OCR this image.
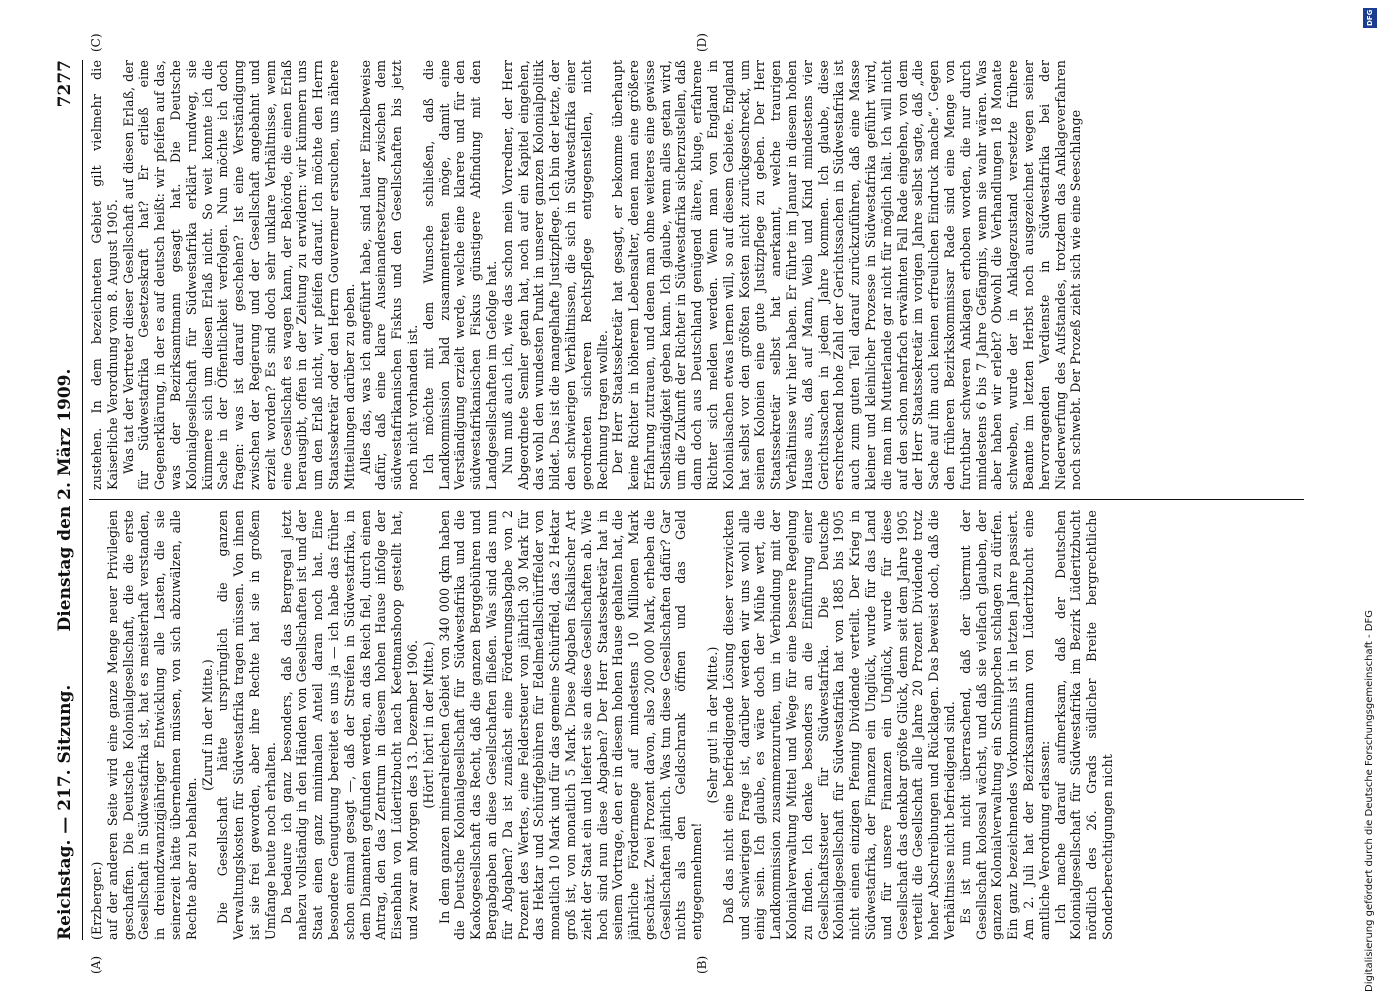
Reichstag. — 217. Sitzung.
Dienstag den 2. März 1909.
7277
(A)	(B)
(C)	(D)

(Erzberger.) auf der anderen Seite wird eine ganze Menge neuer Privilegien geschaffen. Die Deutsche Kolonialgesellschaft, die die erste Gesellschaft in Südwestafrika ist, hat es meisterhaft verstanden, in dreiundzwanzigjähriger Entwicklung alle Lasten, die sie seinerzeit hätte übernehmen müssen, von sich abzuwälzen, alle Rechte aber zu behalten.

(Zuruf in der Mitte.) Die Gesellschaft hätte ursprünglich die ganzen Verwaltungskosten für Südwestafrika tragen müssen. Von ihnen ist sie frei geworden, aber ihre Rechte hat sie in großem Umfange heute noch erhalten. Da bedaure ich ganz besonders, daß das Bergregal jetzt nahezu vollständig in den Händen von Gesellschaften ist und der Staat einen ganz minimalen Anteil daran noch hat. Eine besondere Genugtuung bereitet es uns ja — ich habe das früher schon einmal gesagt —, daß der Streifen in Südwestafrika, in dem Diamanten gefunden werden, an das Reich fiel, durch einen Antrag, den das Zentrum in diesem hohen Hause infolge der Eisenbahn von Lüderitzbucht nach Keetmanshoop gestellt hat, und zwar am Morgen des 13. Dezember 1906. (Hört! hört! in der Mitte.) In dem ganzen mineralreichen Gebiet von 340 000 qkm haben die Deutsche Kolonialgesellschaft für Südwestafrika und die Kaokogesellschaft das Recht, daß die ganzen Berggebühren und Bergabgaben an diese Gesellschaften fließen. Was sind das nun für Abgaben? Da ist zunächst eine Förderungsabgabe von 2 Prozent des Wertes, eine Feldersteuer von jährlich 30 Mark für das Hektar und Schürfgebühren für Edelmetallschürffelder von monatlich 10 Mark und für das gemeine Schürffeld, das 2 Hektar groß ist, von monatlich 5 Mark. Diese Abgaben fiskalischer Art zieht der Staat ein und liefert sie an diese Gesellschaften ab. Wie hoch sind nun diese Abgaben? Der Herr Staatssekretär hat in seinem Vortrage, den er in diesem hohen Hause gehalten hat, die jährliche Fördermenge auf mindestens 10 Millionen Mark geschätzt. Zwei Prozent davon, also 200 000 Mark, erheben die Gesellschaften jährlich. Was tun diese Gesellschaften dafür? Gar nichts als den Geldschrank öffnen und das Geld entgegennehmen!

(Sehr gut! in der Mitte.) Daß das nicht eine befriedigende Lösung dieser verzwickten und schwierigen Frage ist, darüber werden wir uns wohl alle einig sein. Ich glaube, es wäre doch der Mühe wert, die Landkommission zusammenzurufen, um in Verbindung mit der Kolonialverwaltung Mittel und Wege für eine bessere Regelung zu finden. Ich denke besonders an die Einführung einer Gesellschaftssteuer für Südwestafrika. Die Deutsche Kolonialgesellschaft für Südwestafrika hat von 1885 bis 1905 nicht einen einzigen Pfennig Dividende verteilt. Der Krieg in Südwestafrika, der Finanzen ein Unglück, wurde für das Land und für unsere Finanzen ein Unglück, wurde für diese Gesellschaft das denkbar größte Glück, denn seit dem Jahre 1905 verteilt die Gesellschaft alle Jahre 20 Prozent Dividende trotz hoher Abschreibungen und Rücklagen. Das beweist doch, daß die Verhältnisse nicht befriedigend sind. Es ist nun nicht überraschend, daß der übermut der Gesellschaft kolossal wächst, und daß sie vielfach glauben, der ganzen Kolonialverwaltung ein Schnippchen schlagen zu dürfen. Ein ganz bezeichnendes Vorkommnis ist in letzten Jahre passiert. Am 2. Juli hat der Bezirksamtmann von Lüderitzbucht eine amtliche Verordnung erlassen: Ich mache darauf aufmerksam, daß der Deutschen Kolonialgesellschaft für Südwestafrika im Bezirk Lüderitzbucht nördlich des 26. Grads südlicher Breite bergrechtliche Sonderberechtigungen nicht

zustehen. In dem bezeichneten Gebiet gilt vielmehr die Kaiserliche Verordnung vom 8. August 1905. Was tat der Vertreter dieser Gesellschaft auf diesen Erlaß, der für Südwestafrika Gesetzeskraft hat? Er erließ eine Gegenerklärung, in der es auf deutsch heißt: wir pfeifen auf das, was der Bezirksamtmann gesagt hat. Die Deutsche Kolonialgesellschaft für Südwestafrika erklärt rundweg, sie kümmere sich um diesen Erlaß nicht. So weit konnte ich die Sache in der Öffentlichkeit verfolgen. Nun möchte ich doch fragen: was ist darauf geschehen? Ist eine Verständigung zwischen der Regierung und der Gesellschaft angebahnt und erzielt worden? Es sind doch sehr unklare Verhältnisse, wenn eine Gesellschaft es wagen kann, der Behörde, die einen Erlaß herausgibt, offen in der Zeitung zu erwidern: wir kümmern uns um den Erlaß nicht, wir pfeifen darauf. Ich möchte den Herrn Staatssekretär oder den Herrn Gouverneur ersuchen, uns nähere Mitteilungen darüber zu geben. Alles das, was ich angeführt habe, sind lauter Einzelbeweise dafür, daß eine klare Auseinandersetzung zwischen dem südwestafrikanischen Fiskus und den Gesellschaften bis jetzt noch nicht vorhanden ist. Ich möchte mit dem Wunsche schließen, daß die Landkommission bald zusammentreten möge, damit eine Verständigung erzielt werde, welche eine klarere und für den südwestafrikanischen Fiskus günstigere Abfindung mit den Landgesellschaften im Gefolge hat. Nun muß auch ich, wie das schon mein Vorredner, der Herr Abgeordnete Semler getan hat, noch auf ein Kapitel eingehen, das wohl den wundesten Punkt in unserer ganzen Kolonialpolitik bildet. Das ist die mangelhafte Justizpflege. Ich bin der letzte, der den schwierigen Verhältnissen, die sich in Südwestafrika einer geordneten sicheren Rechtspflege entgegenstellen, nicht Rechnung tragen wollte. Der Herr Staatssekretär hat gesagt, er bekomme überhaupt keine Richter in höherem Lebensalter, denen man eine größere Erfahrung zutrauen, und denen man ohne weiteres eine gewisse Selbständigkeit geben kann. Ich glaube, wenn alles getan wird, um die Zukunft der Richter in Südwestafrika sicherzustellen, daß dann doch aus Deutschland genügend ältere, kluge, erfahrene Richter sich melden werden. Wenn man von England in Kolonialsachen etwas lernen will, so auf diesem Gebiete. England hat selbst vor den größten Kosten nicht zurückgeschreckt, um seinen Kolonien eine gute Justizpflege zu geben. Der Herr Staatssekretär selbst hat anerkannt, welche traurigen Verhältnisse wir hier haben. Er führte im Januar in diesem hohen Hause aus, daß auf Mann, Weib und Kind mindestens vier Gerichtssachen in jedem Jahre kommen. Ich glaube, diese erschreckend hohe Zahl der Gerichtssachen in Südwestafrika ist auch zum guten Teil darauf zurückzuführen, daß eine Masse kleiner und kleinlicher Prozesse in Südwestafrika geführt wird, die man im Mutterlande gar nicht für möglich hält. Ich will nicht auf den schon mehrfach erwähnten Fall Rade eingehen, von dem der Herr Staatssekretär im vorigen Jahre selbst sagte, daß „die Sache auf ihn auch keinen erfreulichen Eindruck mache“. Gegen den früheren Bezirkskommissar Rade sind eine Menge von furchtbar schweren Anklagen erhoben worden, die nur durch mindestens 6 bis 7 Jahre Gefängnis, wenn sie wahr wären. Was aber haben wir erlebt? Obwohl die Verhandlungen 18 Monate schweben, wurde der in Anklagezustand versetzte frühere Beamte im letzten Herbst noch ausgezeichnet wegen seiner hervorragenden Verdienste in Südwestafrika bei der Niederwerfung des Aufstandes, trotzdem das Anklageverfahren noch schwebt. Der Prozeß zieht sich wie eine Seeschlange

DFG
Digitalisierung gefördert durch die Deutsche Forschungsgemeinschaft - DFG
